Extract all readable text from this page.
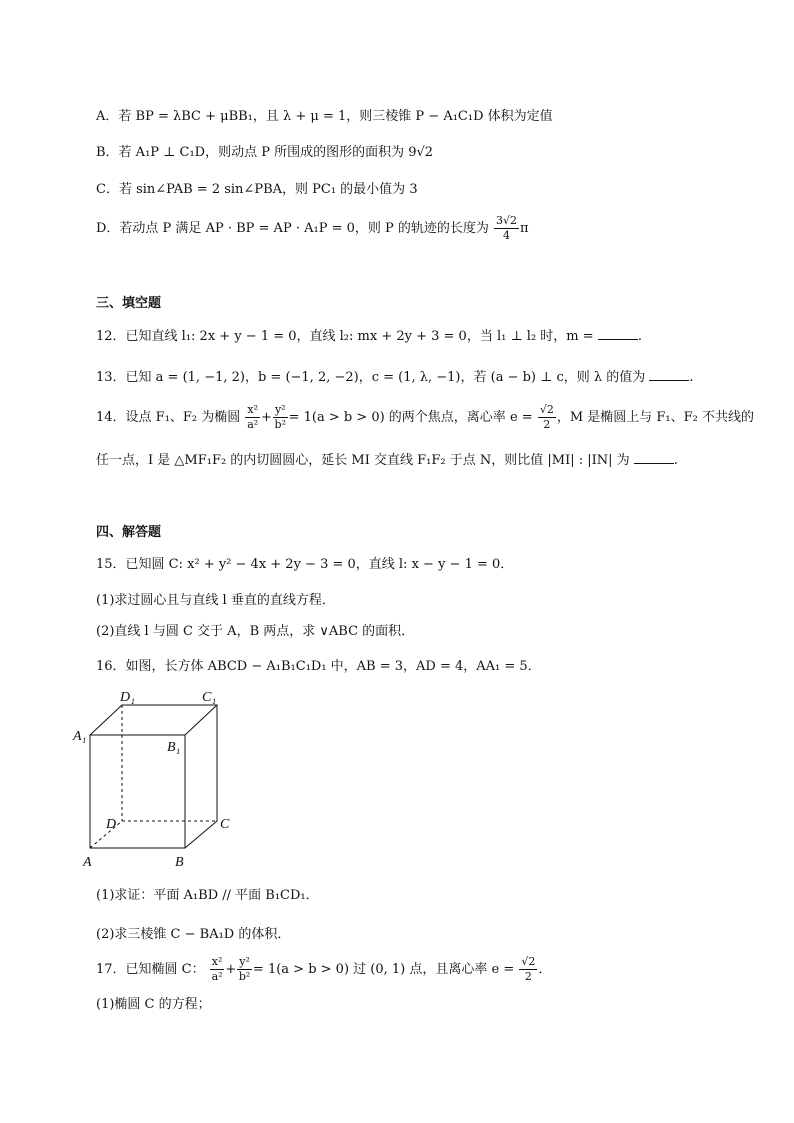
A．若 BP = λBC + μBB₁，且 λ + μ = 1，则三棱锥 P − A₁C₁D 体积为定值
B．若 A₁P ⊥ C₁D，则动点 P 所围成的图形的面积为 9√2
C．若 sin∠PAB = 2 sin∠PBA，则 PC₁ 的最小值为 3
D．若动点 P 满足 AP · BP = AP · A₁P = 0，则 P 的轨迹的长度为 $\frac{3√2}{4}$ π
三、填空题
12．已知直线 l₁: 2x + y − 1 = 0，直线 l₂: mx + 2y + 3 = 0，当 l₁ ⊥ l₂ 时，m =	.
13．已知 a = (1, −1, 2)，b = (−1, 2, −2)，c = (1, λ, −1)，若 (a − b) ⊥ c，则 λ 的值为	.
14．设点 F₁、F₂ 为椭圆 $\frac{\text{x²}}{\text{a²}} + \frac{\text{y²}}{\text{b²}} = 1(a > b > 0)$ 的两个焦点，离心率 $e = \frac{√2}{2}$ ，M 是椭圆上与 F₁、F₂ 不共线的
任一点，I 是 △MF₁F₂ 的内切圆圆心，延长 MI 交直线 F₁F₂ 于点 N，则比值 |MI| : |IN| 为	.
四、解答题
15．已知圆 C: x² + y² − 4x + 2y − 3 = 0，直线 l: x − y − 1 = 0．
(1)求过圆心且与直线 l 垂直的直线方程．
(2)直线 l 与圆 C 交于 A，B 两点，求 ∨ABC 的面积．
16．如图，长方体 ABCD − A₁B₁C₁D₁ 中，AB = 3，AD = 4，AA₁ = 5．
D₁	C₁
A₁
B₁
D	C
A	B
(1)求证：平面 A₁BD // 平面 B₁CD₁．
(2)求三棱锥 C − BA₁D 的体积．
17．已知椭圆 C： $\frac{\text{x²}}{\text{a²}} + \frac{\text{y²}}{\text{b²}} = 1(a > b > 0)$ 过 (0, 1) 点，且离心率 $e = \frac{√2}{2}$ ．
(1)椭圆 C 的方程；
